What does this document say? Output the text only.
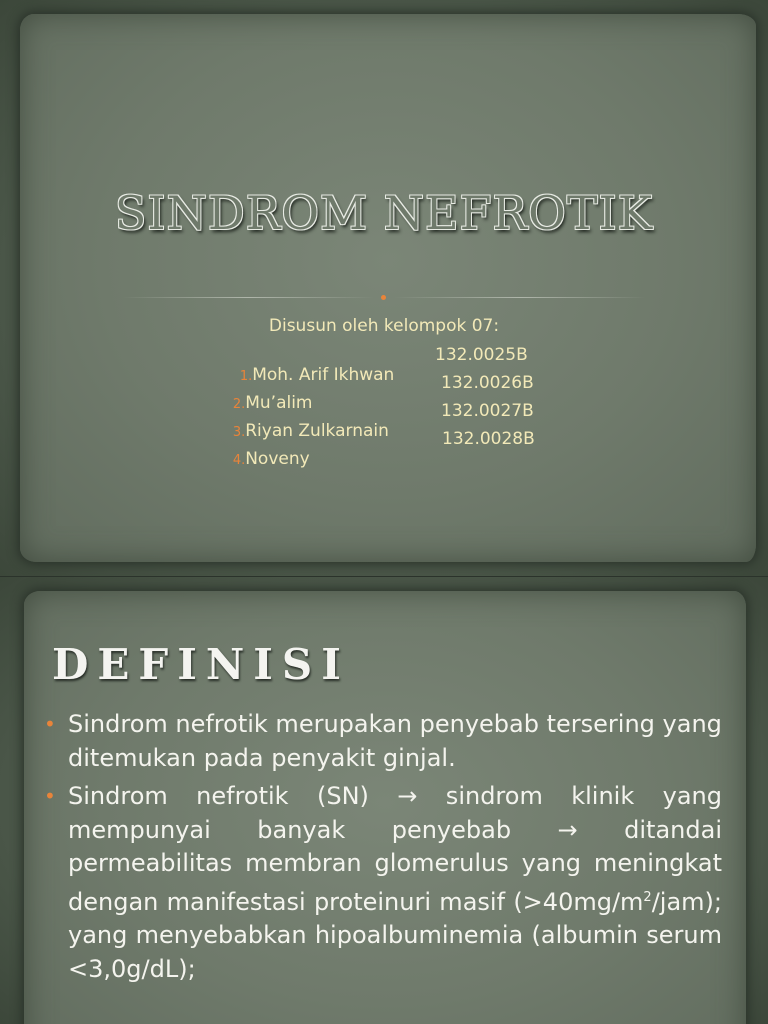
SINDROM NEFROTIK
Disusun oleh kelompok 07:

1.Moh. Arif Ikhwan

132.0025B

2.Mu’alim

132.0026B

3.Riyan Zulkarnain

132.0027B

4.Noveny

132.0028B

DEFINISI
• Sindrom nefrotik merupakan penyebab tersering yang ditemukan pada penyakit ginjal.
• Sindrom nefrotik (SN) → sindrom klinik yang mempunyai banyak penyebab → ditandai permeabilitas membran glomerulus yang meningkat dengan manifestasi proteinuri masif $(>40mg/m^2/jam)$; yang menyebabkan hipoalbuminemia (albumin serum <3,0g/dL);
